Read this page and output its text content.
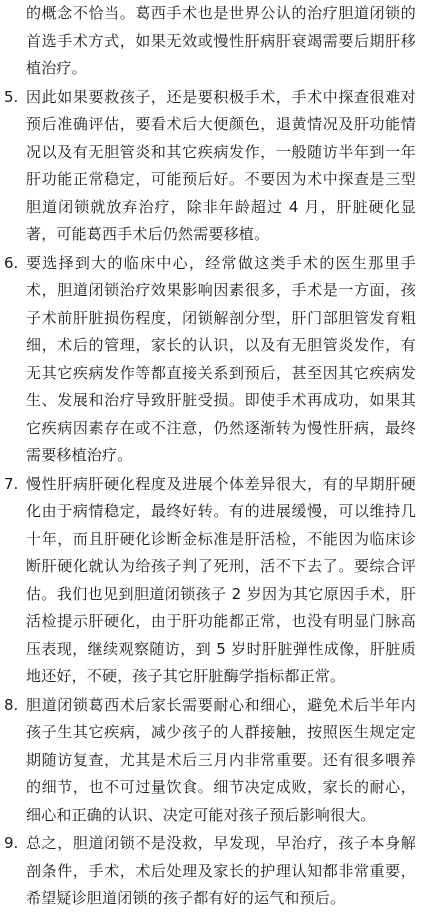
的概念不恰当。葛西手术也是世界公认的治疗胆道闭锁的首选手术方式，如果无效或慢性肝病肝衰竭需要后期肝移植治疗。
5. 因此如果要救孩子，还是要积极手术，手术中探查很难对预后准确评估，要看术后大便颜色，退黄情况及肝功能情况以及有无胆管炎和其它疾病发作，一般随访半年到一年肝功能正常稳定，可能预后好。不要因为术中探查是三型胆道闭锁就放弃治疗，除非年龄超过 4 月，肝脏硬化显著，可能葛西手术后仍然需要移植。
6. 要选择到大的临床中心，经常做这类手术的医生那里手术，胆道闭锁治疗效果影响因素很多，手术是一方面，孩子术前肝脏损伤程度，闭锁解剖分型，肝门部胆管发育粗细，术后的管理，家长的认识，以及有无胆管炎发作，有无其它疾病发作等都直接关系到预后，甚至因其它疾病发生、发展和治疗导致肝脏受损。即使手术再成功，如果其它疾病因素存在或不注意，仍然逐渐转为慢性肝病，最终需要移植治疗。
7. 慢性肝病肝硬化程度及进展个体差异很大，有的早期肝硬化由于病情稳定，最终好转。有的进展缓慢，可以维持几十年，而且肝硬化诊断金标准是肝活检，不能因为临床诊断肝硬化就认为给孩子判了死刑，活不下去了。要综合评估。我们也见到胆道闭锁孩子 2 岁因为其它原因手术，肝活检提示肝硬化，由于肝功能都正常，也没有明显门脉高压表现，继续观察随访，到 5 岁时肝脏弹性成像，肝脏质地还好，不硬，孩子其它肝脏酶学指标都正常。
8. 胆道闭锁葛西术后家长需要耐心和细心，避免术后半年内孩子生其它疾病，减少孩子的人群接触，按照医生规定定期随访复查，尤其是术后三月内非常重要。还有很多喂养的细节，也不可过量饮食。细节决定成败，家长的耐心，细心和正确的认识、决定可能对孩子预后影响很大。
9. 总之，胆道闭锁不是没救，早发现，早治疗，孩子本身解剖条件，手术，术后处理及家长的护理认知都非常重要，希望疑诊胆道闭锁的孩子都有好的运气和预后。
